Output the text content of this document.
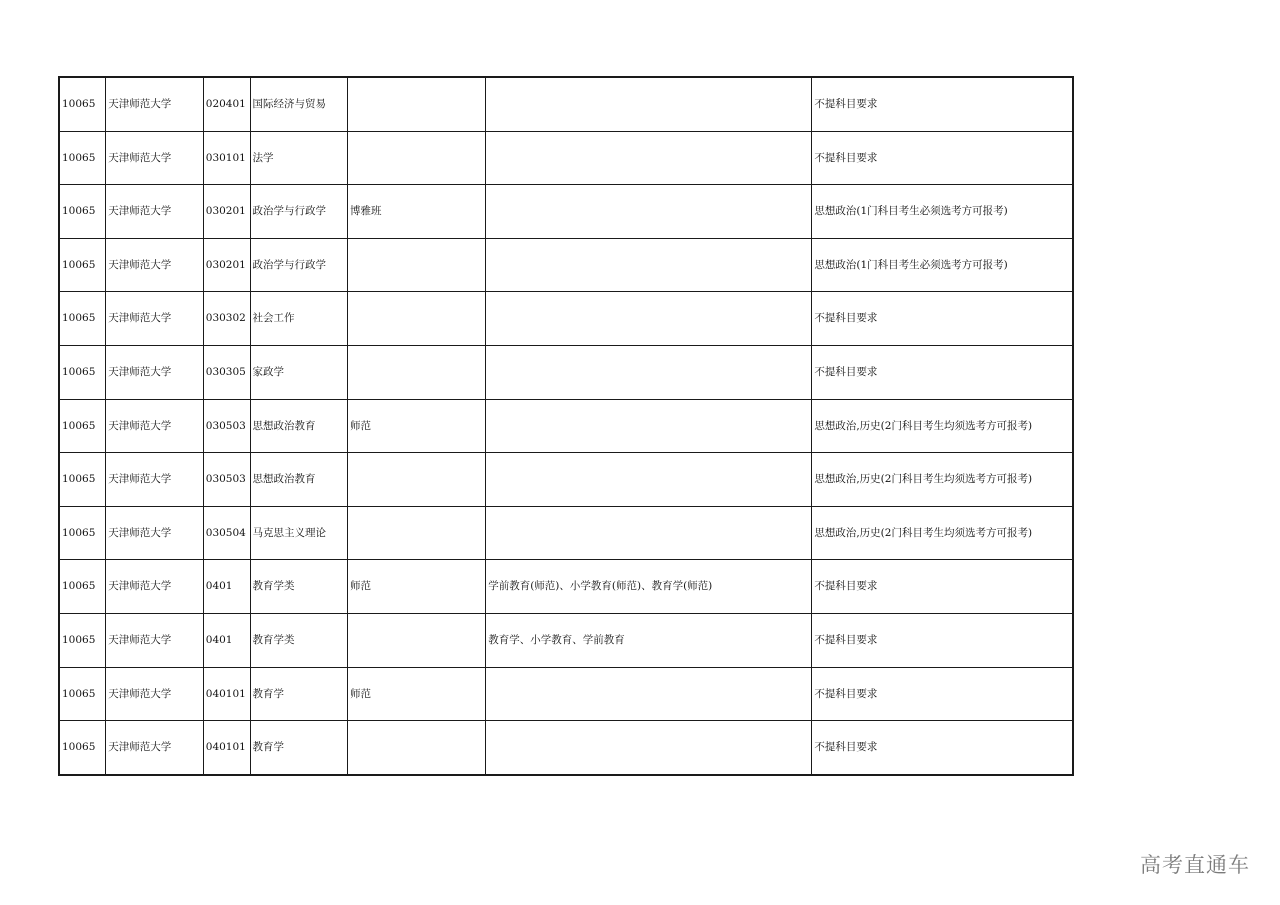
10065	天津师范大学	020401	国际经济与贸易			不提科目要求
10065	天津师范大学	030101	法学			不提科目要求
10065	天津师范大学	030201	政治学与行政学	博雅班		思想政治(1门科目考生必须选考方可报考)
10065	天津师范大学	030201	政治学与行政学			思想政治(1门科目考生必须选考方可报考)
10065	天津师范大学	030302	社会工作			不提科目要求
10065	天津师范大学	030305	家政学			不提科目要求
10065	天津师范大学	030503	思想政治教育	师范		思想政治,历史(2门科目考生均须选考方可报考)
10065	天津师范大学	030503	思想政治教育			思想政治,历史(2门科目考生均须选考方可报考)
10065	天津师范大学	030504	马克思主义理论			思想政治,历史(2门科目考生均须选考方可报考)
10065	天津师范大学	0401	教育学类	师范	学前教育(师范)、小学教育(师范)、教育学(师范)	不提科目要求
10065	天津师范大学	0401	教育学类		教育学、小学教育、学前教育	不提科目要求
10065	天津师范大学	040101	教育学	师范		不提科目要求
10065	天津师范大学	040101	教育学			不提科目要求
高考直通车
